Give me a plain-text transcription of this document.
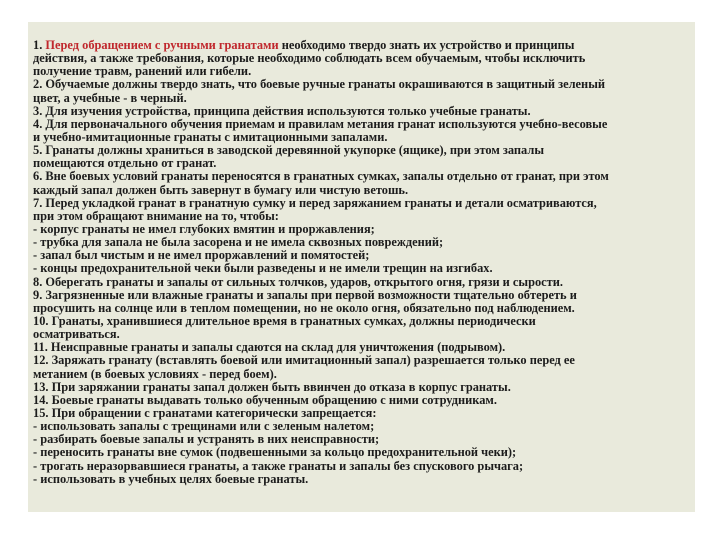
1. Перед обращением с ручными гранатами необходимо твердо знать их устройство и принципы
действия, а также требования, которые необходимо соблюдать всем обучаемым, чтобы исключить
получение травм, ранений или гибели.
2. Обучаемые должны твердо знать, что боевые ручные гранаты окрашиваются в защитный зеленый
цвет, а учебные - в черный.
3. Для изучения устройства, принципа действия используются только учебные гранаты.
4. Для первоначального обучения приемам и правилам метания гранат используются учебно-весовые
и учебно-имитационные гранаты с имитационными запалами.
5. Гранаты должны храниться в заводской деревянной укупорке (ящике), при этом запалы
помещаются отдельно от гранат.
6. Вне боевых условий гранаты переносятся в гранатных сумках, запалы отдельно от гранат, при этом
каждый запал должен быть завернут в бумагу или чистую ветошь.
7. Перед укладкой гранат в гранатную сумку и перед заряжанием гранаты и детали осматриваются,
при этом обращают внимание на то, чтобы:
- корпус гранаты не имел глубоких вмятин и проржавления;
- трубка для запала не была засорена и не имела сквозных повреждений;
- запал был чистым и не имел проржавлений и помятостей;
- концы предохранительной чеки были разведены и не имели трещин на изгибах.
8. Оберегать гранаты и запалы от сильных толчков, ударов, открытого огня, грязи и сырости.
9. Загрязненные или влажные гранаты и запалы при первой возможности тщательно обтереть и
просушить на солнце или в теплом помещении, но не около огня, обязательно под наблюдением.
10. Гранаты, хранившиеся длительное время в гранатных сумках, должны периодически
осматриваться.
11. Неисправные гранаты и запалы сдаются на склад для уничтожения (подрывом).
12. Заряжать гранату (вставлять боевой или имитационный запал) разрешается только перед ее
метанием (в боевых условиях - перед боем).
13. При заряжании гранаты запал должен быть ввинчен до отказа в корпус гранаты.
14. Боевые гранаты выдавать только обученным обращению с ними сотрудникам.
15. При обращении с гранатами категорически запрещается:
- использовать запалы с трещинами или с зеленым налетом;
- разбирать боевые запалы и устранять в них неисправности;
- переносить гранаты вне сумок (подвешенными за кольцо предохранительной чеки);
- трогать неразорвавшиеся гранаты, а также гранаты и запалы без спускового рычага;
- использовать в учебных целях боевые гранаты.
